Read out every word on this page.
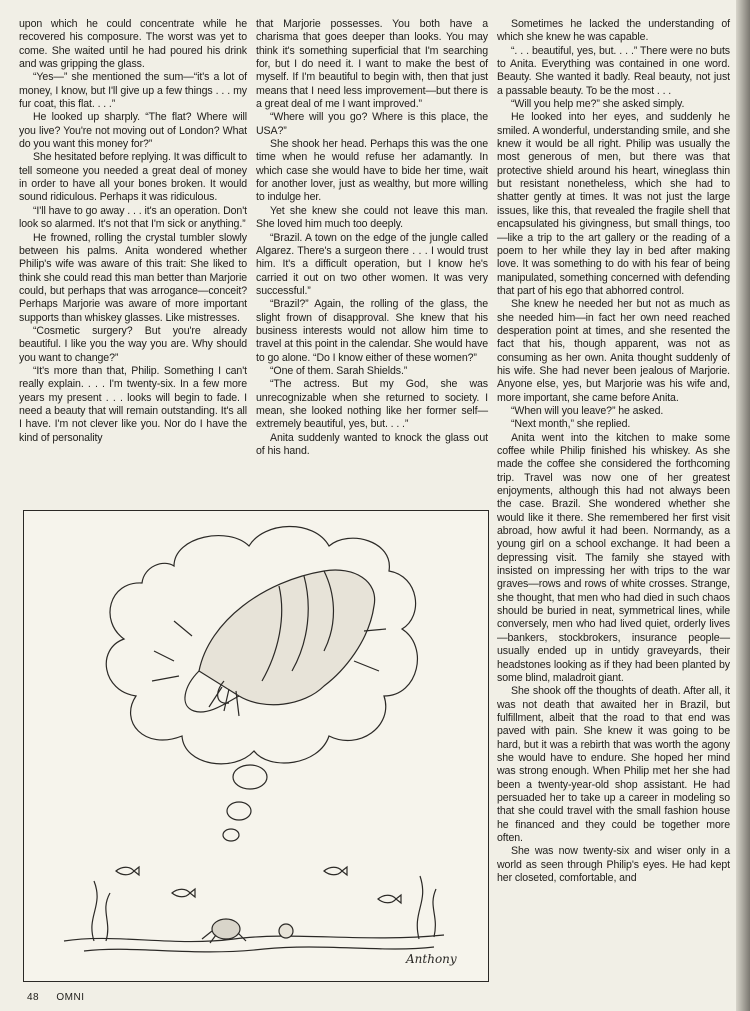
upon which he could concentrate while he recovered his composure. The worst was yet to come. She waited until he had poured his drink and was gripping the glass.

“Yes—” she mentioned the sum—“it's a lot of money, I know, but I'll give up a few things . . . my fur coat, this flat. . . .”

He looked up sharply. “The flat? Where will you live? You're not moving out of London? What do you want this money for?”

She hesitated before replying. It was difficult to tell someone you needed a great deal of money in order to have all your bones broken. It would sound ridiculous. Perhaps it was ridiculous.

“I'll have to go away . . . it's an operation. Don't look so alarmed. It's not that I'm sick or anything.”

He frowned, rolling the crystal tumbler slowly between his palms. Anita wondered whether Philip's wife was aware of this trait: She liked to think she could read this man better than Marjorie could, but perhaps that was arrogance—conceit? Perhaps Marjorie was aware of more important supports than whiskey glasses. Like mistresses.

“Cosmetic surgery? But you're already beautiful. I like you the way you are. Why should you want to change?”

“It's more than that, Philip. Something I can't really explain. . . . I'm twenty-six. In a few more years my present . . . looks will begin to fade. I need a beauty that will remain outstanding. It's all I have. I'm not clever like you. Nor do I have the kind of personality

that Marjorie possesses. You both have a charisma that goes deeper than looks. You may think it's something superficial that I'm searching for, but I do need it. I want to make the best of myself. If I'm beautiful to begin with, then that just means that I need less improvement—but there is a great deal of me I want improved.”

“Where will you go? Where is this place, the USA?”

She shook her head. Perhaps this was the one time when he would refuse her adamantly. In which case she would have to bide her time, wait for another lover, just as wealthy, but more willing to indulge her.

Yet she knew she could not leave this man. She loved him much too deeply.

“Brazil. A town on the edge of the jungle called Algarez. There's a surgeon there . . . I would trust him. It's a difficult operation, but I know he's carried it out on two other women. It was very successful.”

“Brazil?” Again, the rolling of the glass, the slight frown of disapproval. She knew that his business interests would not allow him time to travel at this point in the calendar. She would have to go alone. “Do I know either of these women?”

“One of them. Sarah Shields.”

“The actress. But my God, she was unrecognizable when she returned to society. I mean, she looked nothing like her former self—extremely beautiful, yes, but. . . .”

Anita suddenly wanted to knock the glass out of his hand.

Sometimes he lacked the understanding of which she knew he was capable.

“. . . beautiful, yes, but. . . .” There were no buts to Anita. Everything was contained in one word. Beauty. She wanted it badly. Real beauty, not just a passable beauty. To be the most . . .

“Will you help me?” she asked simply.

He looked into her eyes, and suddenly he smiled. A wonderful, understanding smile, and she knew it would be all right. Philip was usually the most generous of men, but there was that protective shield around his heart, wineglass thin but resistant nonetheless, which she had to shatter gently at times. It was not just the large issues, like this, that revealed the fragile shell that encapsulated his givingness, but small things, too—like a trip to the art gallery or the reading of a poem to her while they lay in bed after making love. It was something to do with his fear of being manipulated, something concerned with defending that part of his ego that abhorred control.

She knew he needed her but not as much as she needed him—in fact her own need reached desperation point at times, and she resented the fact that his, though apparent, was not as consuming as her own. Anita thought suddenly of his wife. She had never been jealous of Marjorie. Anyone else, yes, but Marjorie was his wife and, more important, she came before Anita.

“When will you leave?” he asked.

“Next month,” she replied.

Anita went into the kitchen to make some coffee while Philip finished his whiskey. As she made the coffee she considered the forthcoming trip. Travel was now one of her greatest enjoyments, although this had not always been the case. Brazil. She wondered whether she would like it there. She remembered her first visit abroad, how awful it had been. Normandy, as a young girl on a school exchange. It had been a depressing visit. The family she stayed with insisted on impressing her with trips to the war graves—rows and rows of white crosses. Strange, she thought, that men who had died in such chaos should be buried in neat, symmetrical lines, while conversely, men who had lived quiet, orderly lives—bankers, stockbrokers, insurance people—usually ended up in untidy graveyards, their headstones looking as if they had been planted by some blind, maladroit giant.

She shook off the thoughts of death. After all, it was not death that awaited her in Brazil, but fulfillment, albeit that the road to that end was paved with pain. She knew it was going to be hard, but it was a rebirth that was worth the agony she would have to endure. She hoped her mind was strong enough. When Philip met her she had been a twenty-year-old shop assistant. He had persuaded her to take up a career in modeling so that she could travel with the small fashion house he financed and they could be together more often.

She was now twenty-six and wiser only in a world as seen through Philip's eyes. He had kept her closeted, comfortable, and

Anthony
48 OMNI
